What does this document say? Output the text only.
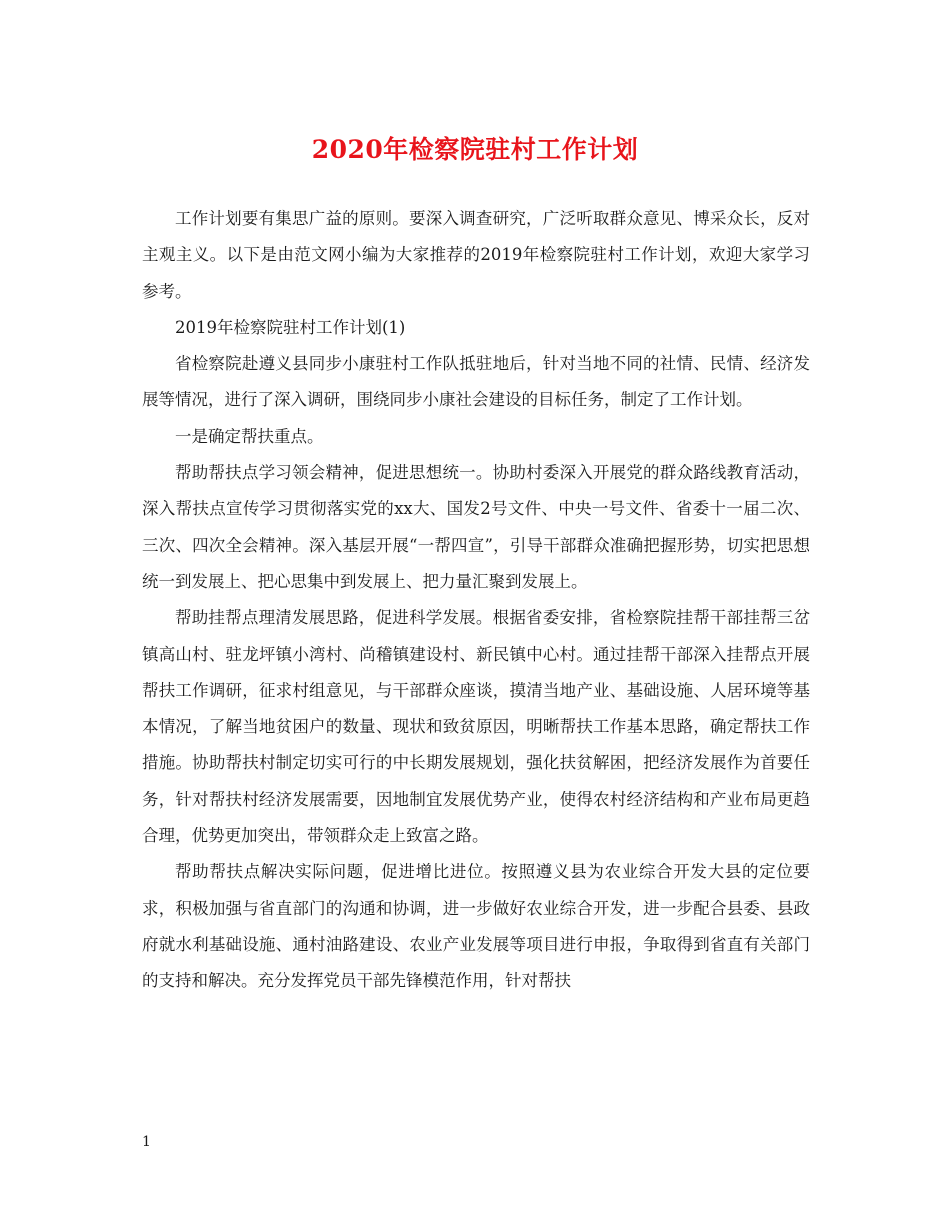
2020年检察院驻村工作计划

工作计划要有集思广益的原则。要深入调查研究，广泛听取群众意见、博采众长，反对主观主义。以下是由范文网小编为大家推荐的2019年检察院驻村工作计划，欢迎大家学习参考。

2019年检察院驻村工作计划(1)

省检察院赴遵义县同步小康驻村工作队抵驻地后，针对当地不同的社情、民情、经济发展等情况，进行了深入调研，围绕同步小康社会建设的目标任务，制定了工作计划。

一是确定帮扶重点。

帮助帮扶点学习领会精神，促进思想统一。协助村委深入开展党的群众路线教育活动，深入帮扶点宣传学习贯彻落实党的xx大、国发2号文件、中央一号文件、省委十一届二次、三次、四次全会精神。深入基层开展“一帮四宣”，引导干部群众准确把握形势，切实把思想统一到发展上、把心思集中到发展上、把力量汇聚到发展上。

帮助挂帮点理清发展思路，促进科学发展。根据省委安排，省检察院挂帮干部挂帮三岔镇高山村、驻龙坪镇小湾村、尚稽镇建设村、新民镇中心村。通过挂帮干部深入挂帮点开展帮扶工作调研，征求村组意见，与干部群众座谈，摸清当地产业、基础设施、人居环境等基本情况，了解当地贫困户的数量、现状和致贫原因，明晰帮扶工作基本思路，确定帮扶工作措施。协助帮扶村制定切实可行的中长期发展规划，强化扶贫解困，把经济发展作为首要任务，针对帮扶村经济发展需要，因地制宜发展优势产业，使得农村经济结构和产业布局更趋合理，优势更加突出，带领群众走上致富之路。

帮助帮扶点解决实际问题，促进增比进位。按照遵义县为农业综合开发大县的定位要求，积极加强与省直部门的沟通和协调，进一步做好农业综合开发，进一步配合县委、县政府就水利基础设施、通村油路建设、农业产业发展等项目进行申报，争取得到省直有关部门的支持和解决。充分发挥党员干部先锋模范作用，针对帮扶

1
